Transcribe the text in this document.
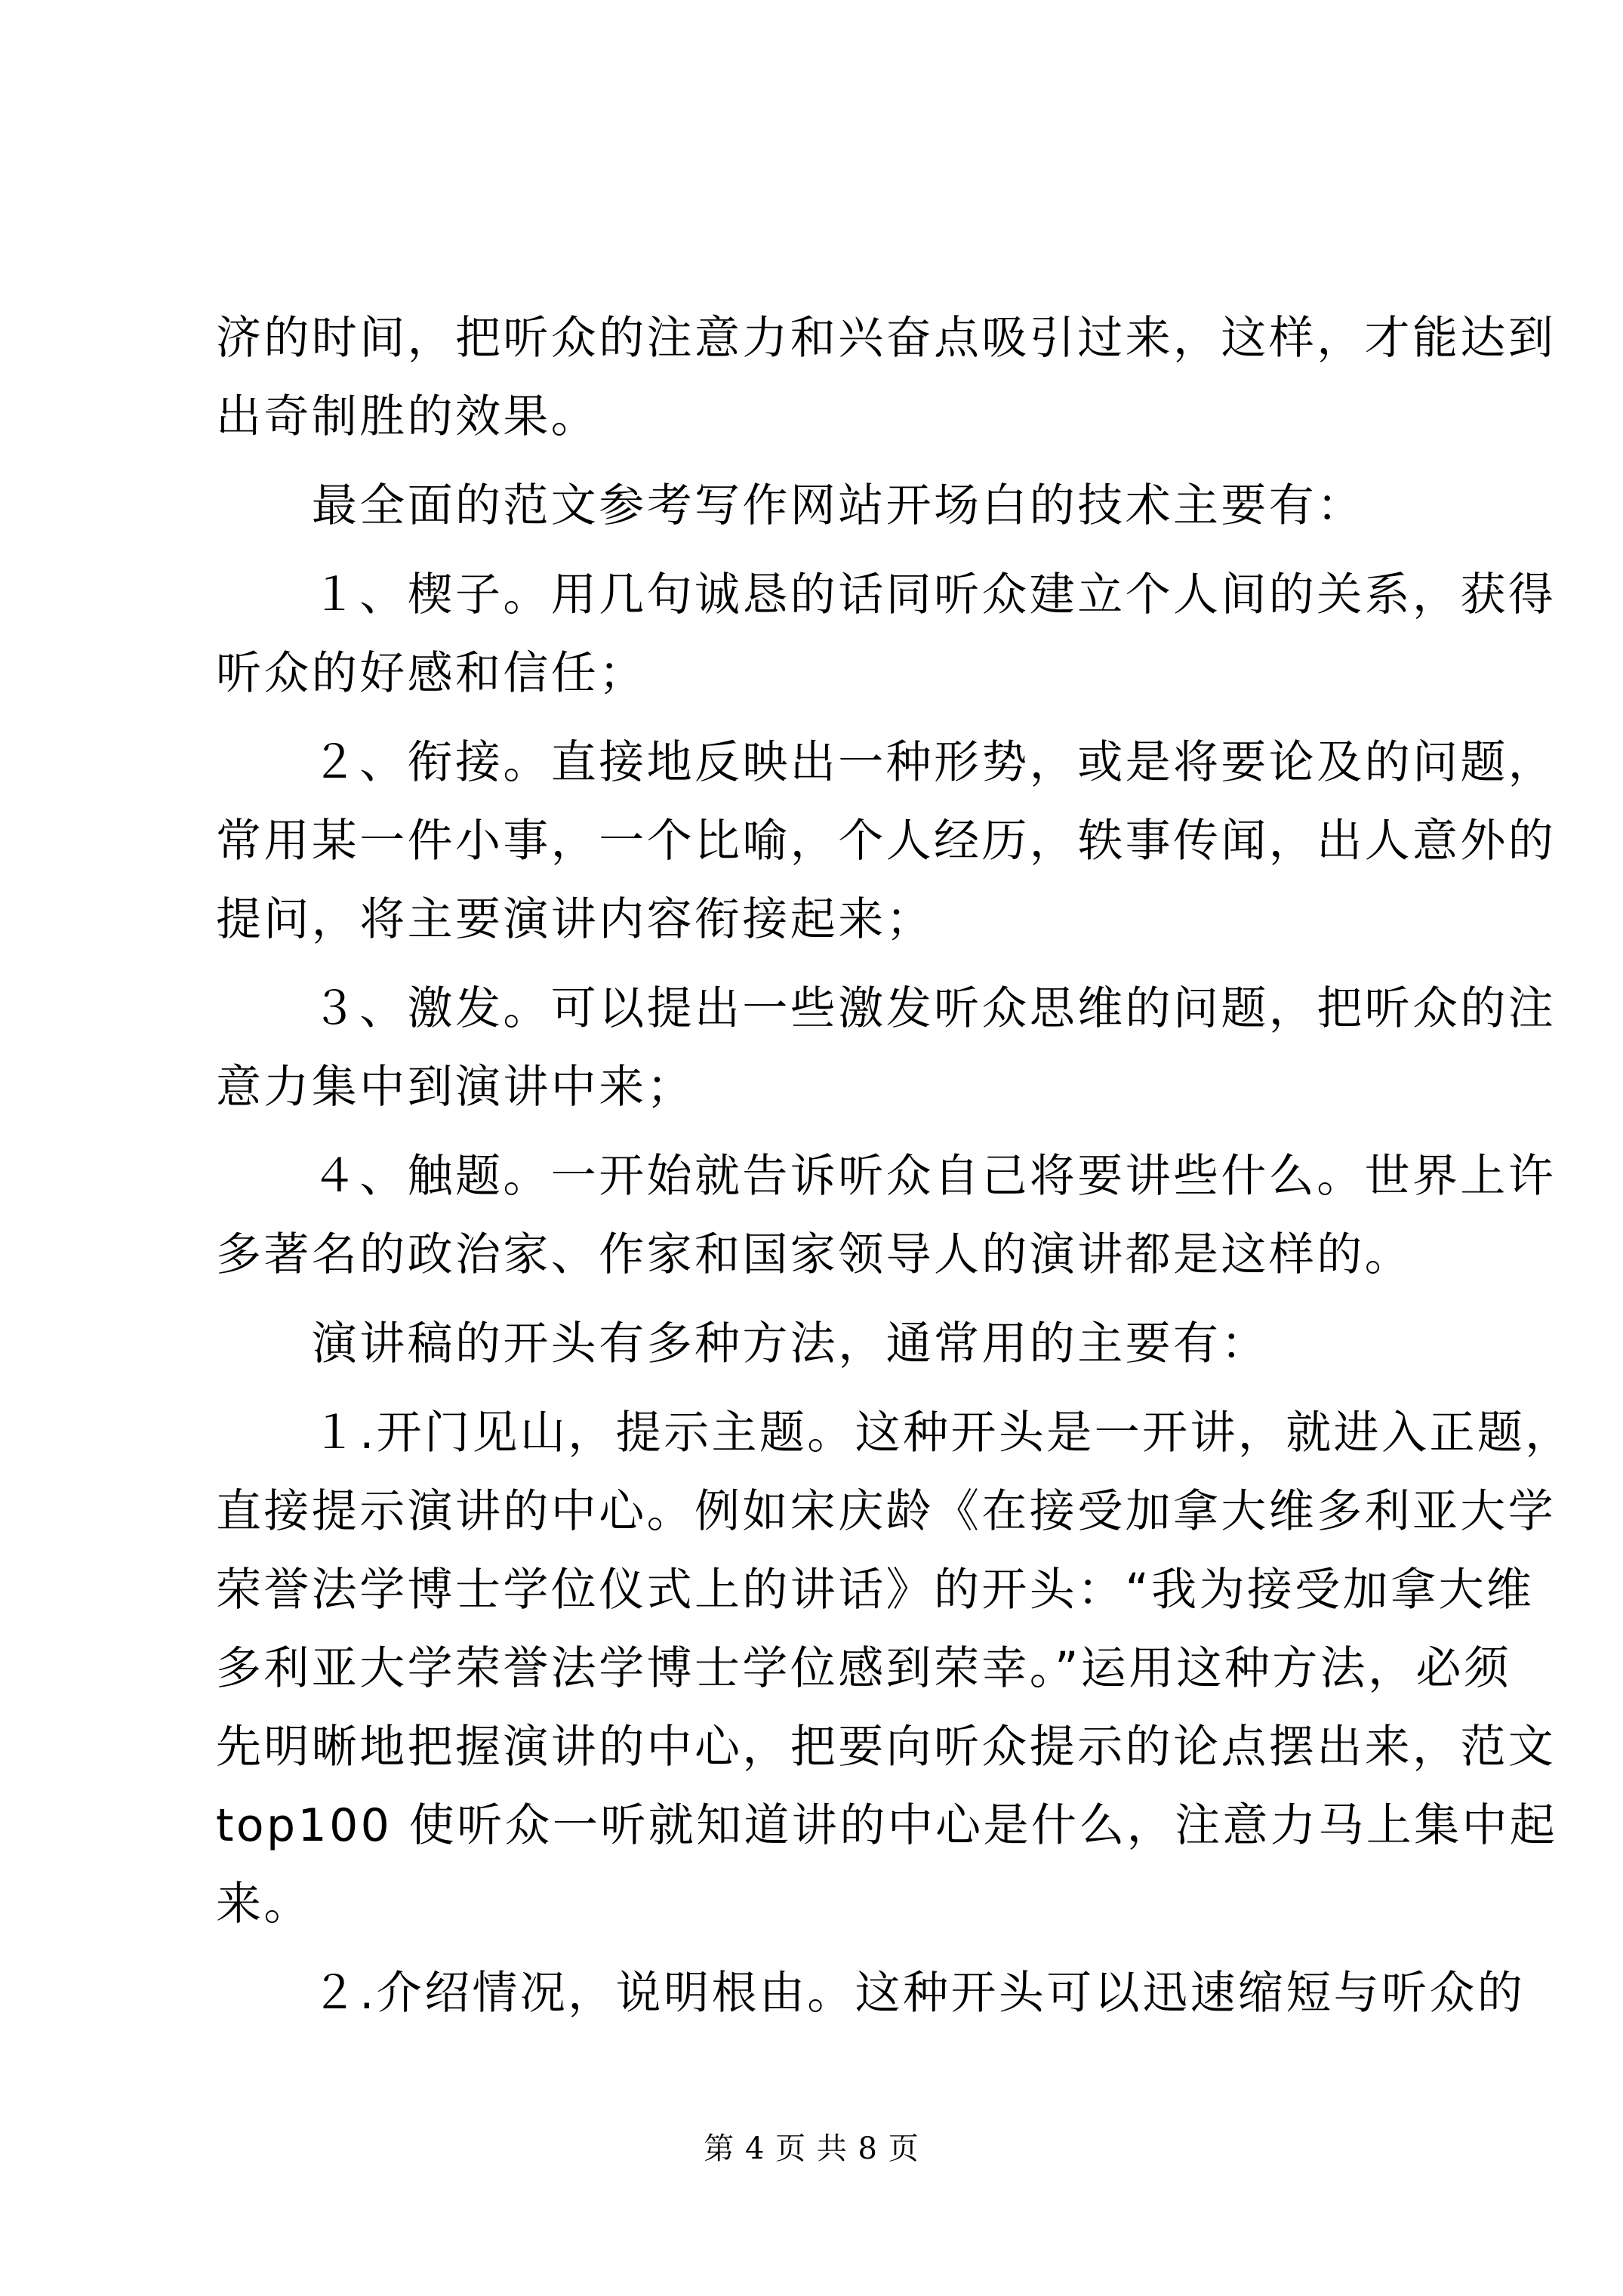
济的时间，把听众的注意力和兴奋点吸引过来，这样，才能达到
出奇制胜的效果。
　　最全面的范文参考写作网站开场白的技术主要有：
　　１、楔子。用几句诚恳的话同听众建立个人间的关系，获得
听众的好感和信任；
　　２、衔接。直接地反映出一种形势，或是将要论及的问题，
常用某一件小事，一个比喻，个人经历，轶事传闻，出人意外的
提问，将主要演讲内容衔接起来；
　　３、激发。可以提出一些激发听众思维的问题，把听众的注
意力集中到演讲中来；
　　４、触题。一开始就告诉听众自己将要讲些什么。世界上许
多著名的政治家、作家和国家领导人的演讲都是这样的。
　　演讲稿的开头有多种方法，通常用的主要有：
　　１.开门见山，提示主题。这种开头是一开讲，就进入正题，
直接提示演讲的中心。例如宋庆龄《在接受加拿大维多利亚大学
荣誉法学博士学位仪式上的讲话》的开头：“我为接受加拿大维
多利亚大学荣誉法学博士学位感到荣幸。”运用这种方法，必须
先明晰地把握演讲的中心，把要向听众提示的论点摆出来，范文
top100 使听众一听就知道讲的中心是什么，注意力马上集中起
来。
　　２.介绍情况，说明根由。这种开头可以迅速缩短与听众的
第 4 页 共 8 页
